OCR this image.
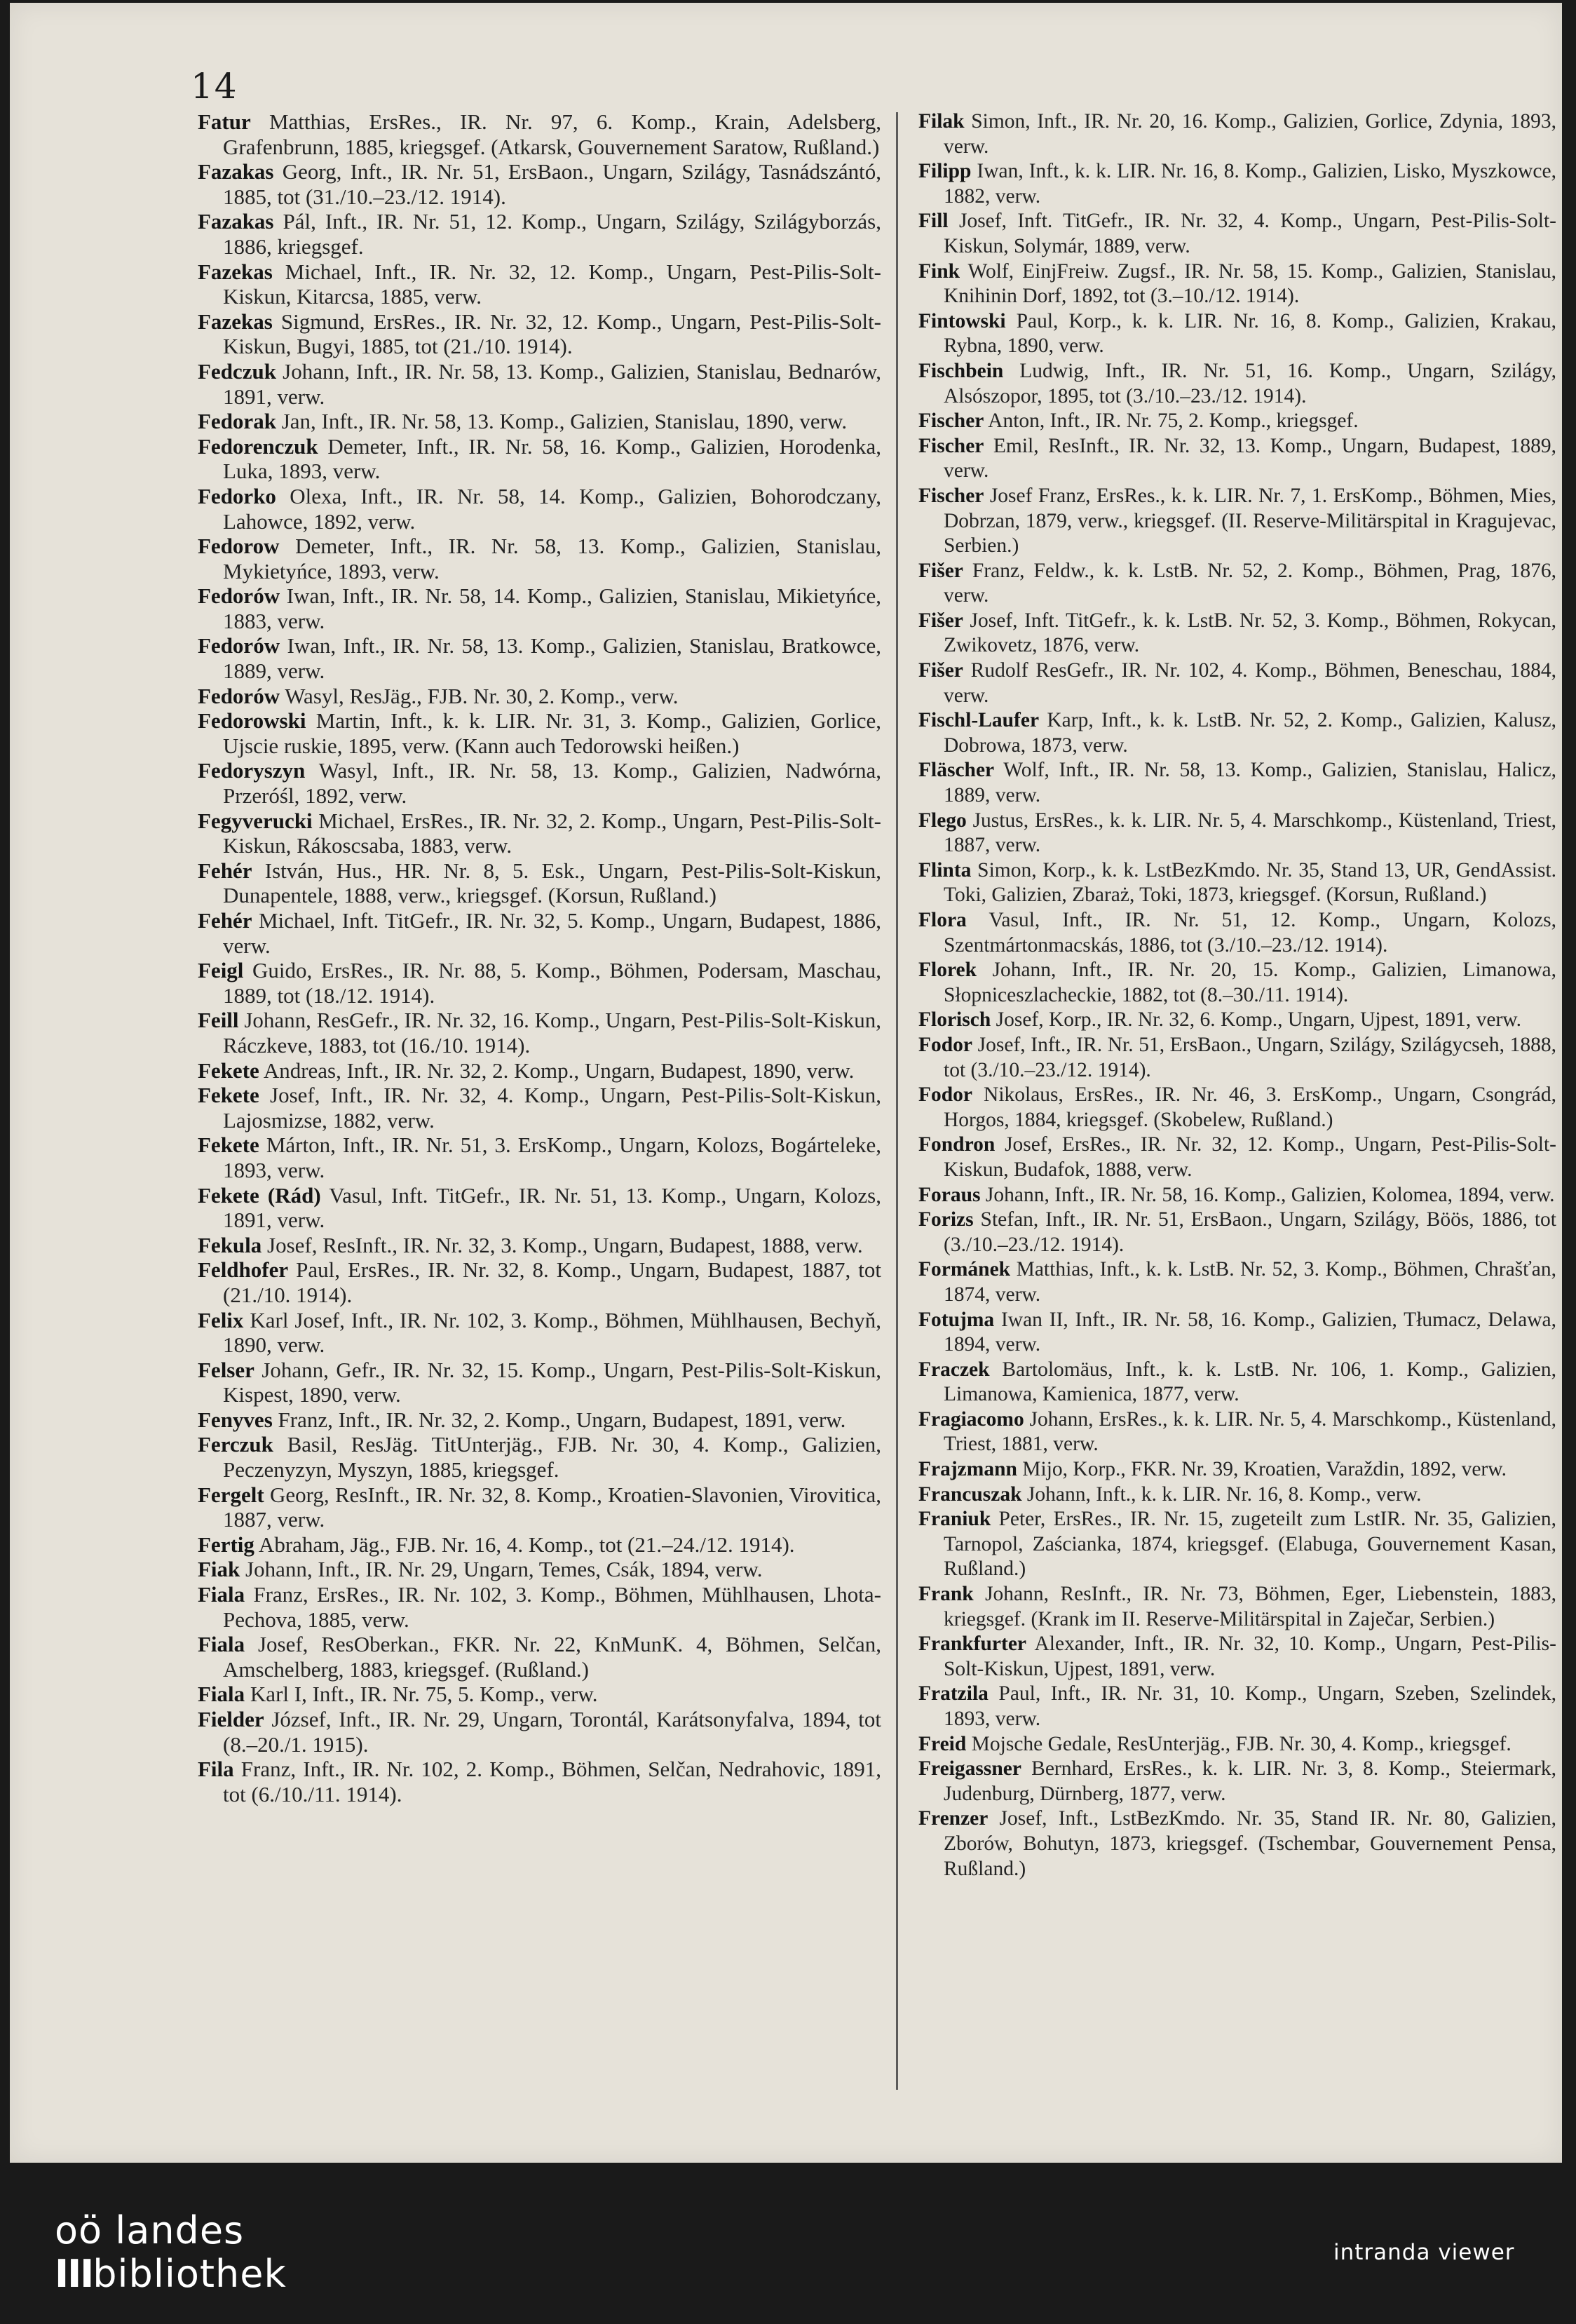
14

Fatur Matthias, ErsRes., IR. Nr. 97, 6. Komp., Krain, Adelsberg, Grafenbrunn, 1885, kriegsgef. (Atkarsk, Gouvernement Saratow, Rußland.)

Fazakas Georg, Inft., IR. Nr. 51, ErsBaon., Ungarn, Szilágy, Tasnádszántó, 1885, tot (31./10.–23./12. 1914).

Fazakas Pál, Inft., IR. Nr. 51, 12. Komp., Ungarn, Szilágy, Szilágyborzás, 1886, kriegsgef.

Fazekas Michael, Inft., IR. Nr. 32, 12. Komp., Ungarn, Pest-Pilis-Solt-Kiskun, Kitarcsa, 1885, verw.

Fazekas Sigmund, ErsRes., IR. Nr. 32, 12. Komp., Ungarn, Pest-Pilis-Solt-Kiskun, Bugyi, 1885, tot (21./10. 1914).

Fedczuk Johann, Inft., IR. Nr. 58, 13. Komp., Galizien, Stanislau, Bednarów, 1891, verw.

Fedorak Jan, Inft., IR. Nr. 58, 13. Komp., Galizien, Stanislau, 1890, verw.

Fedorenczuk Demeter, Inft., IR. Nr. 58, 16. Komp., Galizien, Horodenka, Luka, 1893, verw.

Fedorko Olexa, Inft., IR. Nr. 58, 14. Komp., Galizien, Bohorodczany, Lahowce, 1892, verw.

Fedorow Demeter, Inft., IR. Nr. 58, 13. Komp., Galizien, Stanislau, Mykietyńce, 1893, verw.

Fedorów Iwan, Inft., IR. Nr. 58, 14. Komp., Galizien, Stanislau, Mikietyńce, 1883, verw.

Fedorów Iwan, Inft., IR. Nr. 58, 13. Komp., Galizien, Stanislau, Bratkowce, 1889, verw.

Fedorów Wasyl, ResJäg., FJB. Nr. 30, 2. Komp., verw.

Fedorowski Martin, Inft., k. k. LIR. Nr. 31, 3. Komp., Galizien, Gorlice, Ujscie ruskie, 1895, verw. (Kann auch Tedorowski heißen.)

Fedoryszyn Wasyl, Inft., IR. Nr. 58, 13. Komp., Galizien, Nadwórna, Przeróśl, 1892, verw.

Fegyverucki Michael, ErsRes., IR. Nr. 32, 2. Komp., Ungarn, Pest-Pilis-Solt-Kiskun, Rákoscsaba, 1883, verw.

Fehér István, Hus., HR. Nr. 8, 5. Esk., Ungarn, Pest-Pilis-Solt-Kiskun, Dunapentele, 1888, verw., kriegsgef. (Korsun, Rußland.)

Fehér Michael, Inft. TitGefr., IR. Nr. 32, 5. Komp., Ungarn, Budapest, 1886, verw.

Feigl Guido, ErsRes., IR. Nr. 88, 5. Komp., Böhmen, Podersam, Maschau, 1889, tot (18./12. 1914).

Feill Johann, ResGefr., IR. Nr. 32, 16. Komp., Ungarn, Pest-Pilis-Solt-Kiskun, Ráczkeve, 1883, tot (16./10. 1914).

Fekete Andreas, Inft., IR. Nr. 32, 2. Komp., Ungarn, Budapest, 1890, verw.

Fekete Josef, Inft., IR. Nr. 32, 4. Komp., Ungarn, Pest-Pilis-Solt-Kiskun, Lajosmizse, 1882, verw.

Fekete Márton, Inft., IR. Nr. 51, 3. ErsKomp., Ungarn, Kolozs, Bogárteleke, 1893, verw.

Fekete (Rád) Vasul, Inft. TitGefr., IR. Nr. 51, 13. Komp., Ungarn, Kolozs, 1891, verw.

Fekula Josef, ResInft., IR. Nr. 32, 3. Komp., Ungarn, Budapest, 1888, verw.

Feldhofer Paul, ErsRes., IR. Nr. 32, 8. Komp., Ungarn, Budapest, 1887, tot (21./10. 1914).

Felix Karl Josef, Inft., IR. Nr. 102, 3. Komp., Böhmen, Mühlhausen, Bechyň, 1890, verw.

Felser Johann, Gefr., IR. Nr. 32, 15. Komp., Ungarn, Pest-Pilis-Solt-Kiskun, Kispest, 1890, verw.

Fenyves Franz, Inft., IR. Nr. 32, 2. Komp., Ungarn, Budapest, 1891, verw.

Ferczuk Basil, ResJäg. TitUnterjäg., FJB. Nr. 30, 4. Komp., Galizien, Peczenyzyn, Myszyn, 1885, kriegsgef.

Fergelt Georg, ResInft., IR. Nr. 32, 8. Komp., Kroatien-Slavonien, Virovitica, 1887, verw.

Fertig Abraham, Jäg., FJB. Nr. 16, 4. Komp., tot (21.–24./12. 1914).

Fiak Johann, Inft., IR. Nr. 29, Ungarn, Temes, Csák, 1894, verw.

Fiala Franz, ErsRes., IR. Nr. 102, 3. Komp., Böhmen, Mühlhausen, Lhota-Pechova, 1885, verw.

Fiala Josef, ResOberkan., FKR. Nr. 22, KnMunK. 4, Böhmen, Selčan, Amschelberg, 1883, kriegsgef. (Rußland.)

Fiala Karl I, Inft., IR. Nr. 75, 5. Komp., verw.

Fielder József, Inft., IR. Nr. 29, Ungarn, Torontál, Karátsonyfalva, 1894, tot (8.–20./1. 1915).

Fila Franz, Inft., IR. Nr. 102, 2. Komp., Böhmen, Selčan, Nedrahovic, 1891, tot (6./10./11. 1914).

Filak Simon, Inft., IR. Nr. 20, 16. Komp., Galizien, Gorlice, Zdynia, 1893, verw.

Filipp Iwan, Inft., k. k. LIR. Nr. 16, 8. Komp., Galizien, Lisko, Myszkowce, 1882, verw.

Fill Josef, Inft. TitGefr., IR. Nr. 32, 4. Komp., Ungarn, Pest-Pilis-Solt-Kiskun, Solymár, 1889, verw.

Fink Wolf, EinjFreiw. Zugsf., IR. Nr. 58, 15. Komp., Galizien, Stanislau, Knihinin Dorf, 1892, tot (3.–10./12. 1914).

Fintowski Paul, Korp., k. k. LIR. Nr. 16, 8. Komp., Galizien, Krakau, Rybna, 1890, verw.

Fischbein Ludwig, Inft., IR. Nr. 51, 16. Komp., Ungarn, Szilágy, Alsószopor, 1895, tot (3./10.–23./12. 1914).

Fischer Anton, Inft., IR. Nr. 75, 2. Komp., kriegsgef.

Fischer Emil, ResInft., IR. Nr. 32, 13. Komp., Ungarn, Budapest, 1889, verw.

Fischer Josef Franz, ErsRes., k. k. LIR. Nr. 7, 1. ErsKomp., Böhmen, Mies, Dobrzan, 1879, verw., kriegsgef. (II. Reserve-Militärspital in Kragujevac, Serbien.)

Fišer Franz, Feldw., k. k. LstB. Nr. 52, 2. Komp., Böhmen, Prag, 1876, verw.

Fišer Josef, Inft. TitGefr., k. k. LstB. Nr. 52, 3. Komp., Böhmen, Rokycan, Zwikovetz, 1876, verw.

Fišer Rudolf ResGefr., IR. Nr. 102, 4. Komp., Böhmen, Beneschau, 1884, verw.

Fischl-Laufer Karp, Inft., k. k. LstB. Nr. 52, 2. Komp., Galizien, Kalusz, Dobrowa, 1873, verw.

Fläscher Wolf, Inft., IR. Nr. 58, 13. Komp., Galizien, Stanislau, Halicz, 1889, verw.

Flego Justus, ErsRes., k. k. LIR. Nr. 5, 4. Marschkomp., Küstenland, Triest, 1887, verw.

Flinta Simon, Korp., k. k. LstBezKmdo. Nr. 35, Stand 13, UR, GendAssist. Toki, Galizien, Zbaraż, Toki, 1873, kriegsgef. (Korsun, Rußland.)

Flora Vasul, Inft., IR. Nr. 51, 12. Komp., Ungarn, Kolozs, Szentmártonmacskás, 1886, tot (3./10.–23./12. 1914).

Florek Johann, Inft., IR. Nr. 20, 15. Komp., Galizien, Limanowa, Słopniceszlacheckie, 1882, tot (8.–30./11. 1914).

Florisch Josef, Korp., IR. Nr. 32, 6. Komp., Ungarn, Ujpest, 1891, verw.

Fodor Josef, Inft., IR. Nr. 51, ErsBaon., Ungarn, Szilágy, Szilágycseh, 1888, tot (3./10.–23./12. 1914).

Fodor Nikolaus, ErsRes., IR. Nr. 46, 3. ErsKomp., Ungarn, Csongrád, Horgos, 1884, kriegsgef. (Skobelew, Rußland.)

Fondron Josef, ErsRes., IR. Nr. 32, 12. Komp., Ungarn, Pest-Pilis-Solt-Kiskun, Budafok, 1888, verw.

Foraus Johann, Inft., IR. Nr. 58, 16. Komp., Galizien, Kolomea, 1894, verw.

Forizs Stefan, Inft., IR. Nr. 51, ErsBaon., Ungarn, Szilágy, Böös, 1886, tot (3./10.–23./12. 1914).

Formánek Matthias, Inft., k. k. LstB. Nr. 52, 3. Komp., Böhmen, Chrašťan, 1874, verw.

Fotujma Iwan II, Inft., IR. Nr. 58, 16. Komp., Galizien, Tłumacz, Delawa, 1894, verw.

Fraczek Bartolomäus, Inft., k. k. LstB. Nr. 106, 1. Komp., Galizien, Limanowa, Kamienica, 1877, verw.

Fragiacomo Johann, ErsRes., k. k. LIR. Nr. 5, 4. Marschkomp., Küstenland, Triest, 1881, verw.

Frajzmann Mijo, Korp., FKR. Nr. 39, Kroatien, Varaždin, 1892, verw.

Francuszak Johann, Inft., k. k. LIR. Nr. 16, 8. Komp., verw.

Franiuk Peter, ErsRes., IR. Nr. 15, zugeteilt zum LstIR. Nr. 35, Galizien, Tarnopol, Zaścianka, 1874, kriegsgef. (Elabuga, Gouvernement Kasan, Rußland.)

Frank Johann, ResInft., IR. Nr. 73, Böhmen, Eger, Liebenstein, 1883, kriegsgef. (Krank im II. Reserve-Militärspital in Zaječar, Serbien.)

Frankfurter Alexander, Inft., IR. Nr. 32, 10. Komp., Ungarn, Pest-Pilis-Solt-Kiskun, Ujpest, 1891, verw.

Fratzila Paul, Inft., IR. Nr. 31, 10. Komp., Ungarn, Szeben, Szelindek, 1893, verw.

Freid Mojsche Gedale, ResUnterjäg., FJB. Nr. 30, 4. Komp., kriegsgef.

Freigassner Bernhard, ErsRes., k. k. LIR. Nr. 3, 8. Komp., Steiermark, Judenburg, Dürnberg, 1877, verw.

Frenzer Josef, Inft., LstBezKmdo. Nr. 35, Stand IR. Nr. 80, Galizien, Zborów, Bohutyn, 1873, kriegsgef. (Tschembar, Gouvernement Pensa, Rußland.)

oö landes
IIIbibliothek	intranda viewer
